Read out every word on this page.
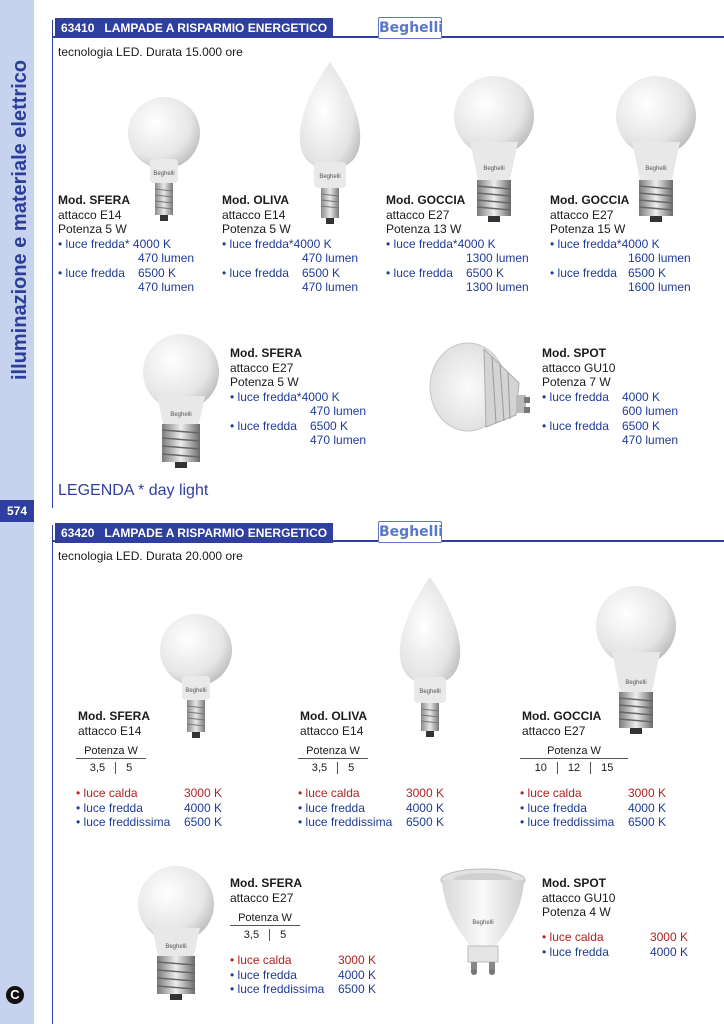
illuminazione e materiale elettrico
574
C
63410 LAMPADE A RISPARMIO ENERGETICO	Beghelli
tecnologia LED. Durata 15.000 ore
Beghelli	Beghelli
Beghelli	Beghelli
Beghelli
Mod. SFERA
attacco E14
Potenza 5 W
• luce fredda* 4000 K
470 lumen
• luce fredda 6500 K
470 lumen
Mod. OLIVA
attacco E14
Potenza 5 W
• luce fredda*4000 K
470 lumen
• luce fredda 6500 K
470 lumen
Mod. GOCCIA
attacco E27
Potenza 13 W
• luce fredda*4000 K
1300 lumen
• luce fredda 6500 K
1300 lumen
Mod. GOCCIA
attacco E27
Potenza 15 W
• luce fredda*4000 K
1600 lumen
• luce fredda 6500 K
1600 lumen
Mod. SFERA
attacco E27
Potenza 5 W
• luce fredda*4000 K
470 lumen
• luce fredda 6500 K
470 lumen
Mod. SPOT
attacco GU10
Potenza 7 W
• luce fredda 4000 K
600 lumen
• luce fredda 6500 K
470 lumen
LEGENDA * day light
63420 LAMPADE A RISPARMIO ENERGETICO	Beghelli
tecnologia LED. Durata 20.000 ore
Beghelli	Beghelli
Beghelli
Beghelli
Beghelli
Mod. SFERA
attacco E14
Potenza W
3,5	5
• luce calda	3000 K
• luce fredda	4000 K
• luce freddissima 6500 K
Mod. OLIVA
attacco E14
Potenza W
3,5	5
• luce calda	3000 K
• luce fredda	4000 K
• luce freddissima 6500 K
Mod. GOCCIA
attacco E27
Potenza W
10	12	15
• luce calda	3000 K
• luce fredda	4000 K
• luce freddissima 6500 K
Mod. SFERA
attacco E27
Potenza W
3,5	5
• luce calda	3000 K
• luce fredda	4000 K
• luce freddissima 6500 K
Mod. SPOT
attacco GU10
Potenza 4 W
• luce calda	3000 K
• luce fredda	4000 K
